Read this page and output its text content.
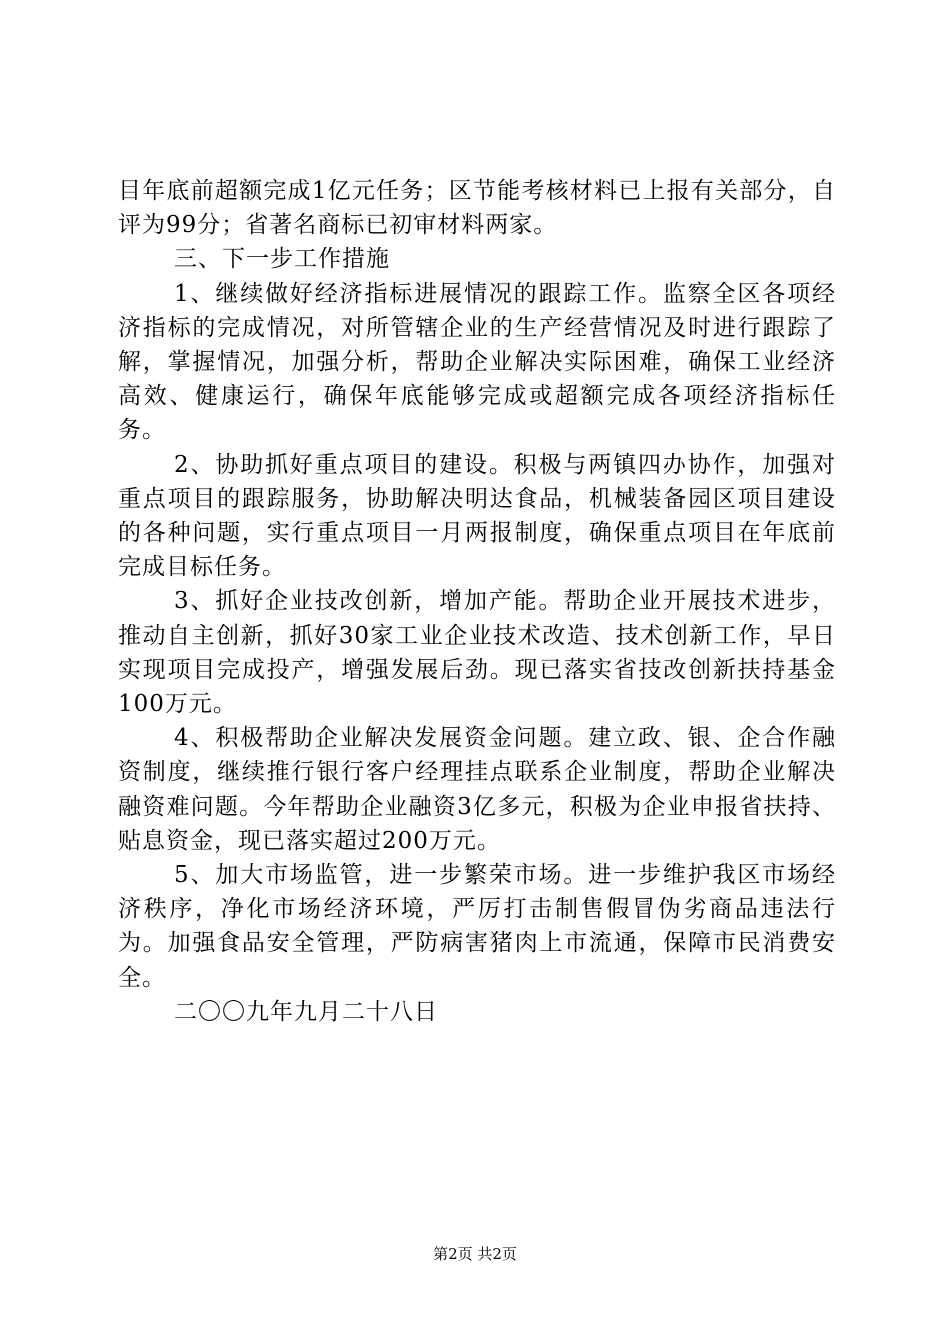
目年底前超额完成1亿元任务；区节能考核材料已上报有关部分，自评为99分；省著名商标已初审材料两家。

三、下一步工作措施

1、继续做好经济指标进展情况的跟踪工作。监察全区各项经济指标的完成情况，对所管辖企业的生产经营情况及时进行跟踪了解，掌握情况，加强分析，帮助企业解决实际困难，确保工业经济高效、健康运行，确保年底能够完成或超额完成各项经济指标任务。

2、协助抓好重点项目的建设。积极与两镇四办协作，加强对重点项目的跟踪服务，协助解决明达食品，机械装备园区项目建设的各种问题，实行重点项目一月两报制度，确保重点项目在年底前完成目标任务。

3、抓好企业技改创新，增加产能。帮助企业开展技术进步，推动自主创新，抓好30家工业企业技术改造、技术创新工作，早日实现项目完成投产，增强发展后劲。现已落实省技改创新扶持基金100万元。

4、积极帮助企业解决发展资金问题。建立政、银、企合作融资制度，继续推行银行客户经理挂点联系企业制度，帮助企业解决融资难问题。今年帮助企业融资3亿多元，积极为企业申报省扶持、贴息资金，现已落实超过200万元。

5、加大市场监管，进一步繁荣市场。进一步维护我区市场经济秩序，净化市场经济环境，严厉打击制售假冒伪劣商品违法行为。加强食品安全管理，严防病害猪肉上市流通，保障市民消费安全。

二〇〇九年九月二十八日

第2页 共2页
